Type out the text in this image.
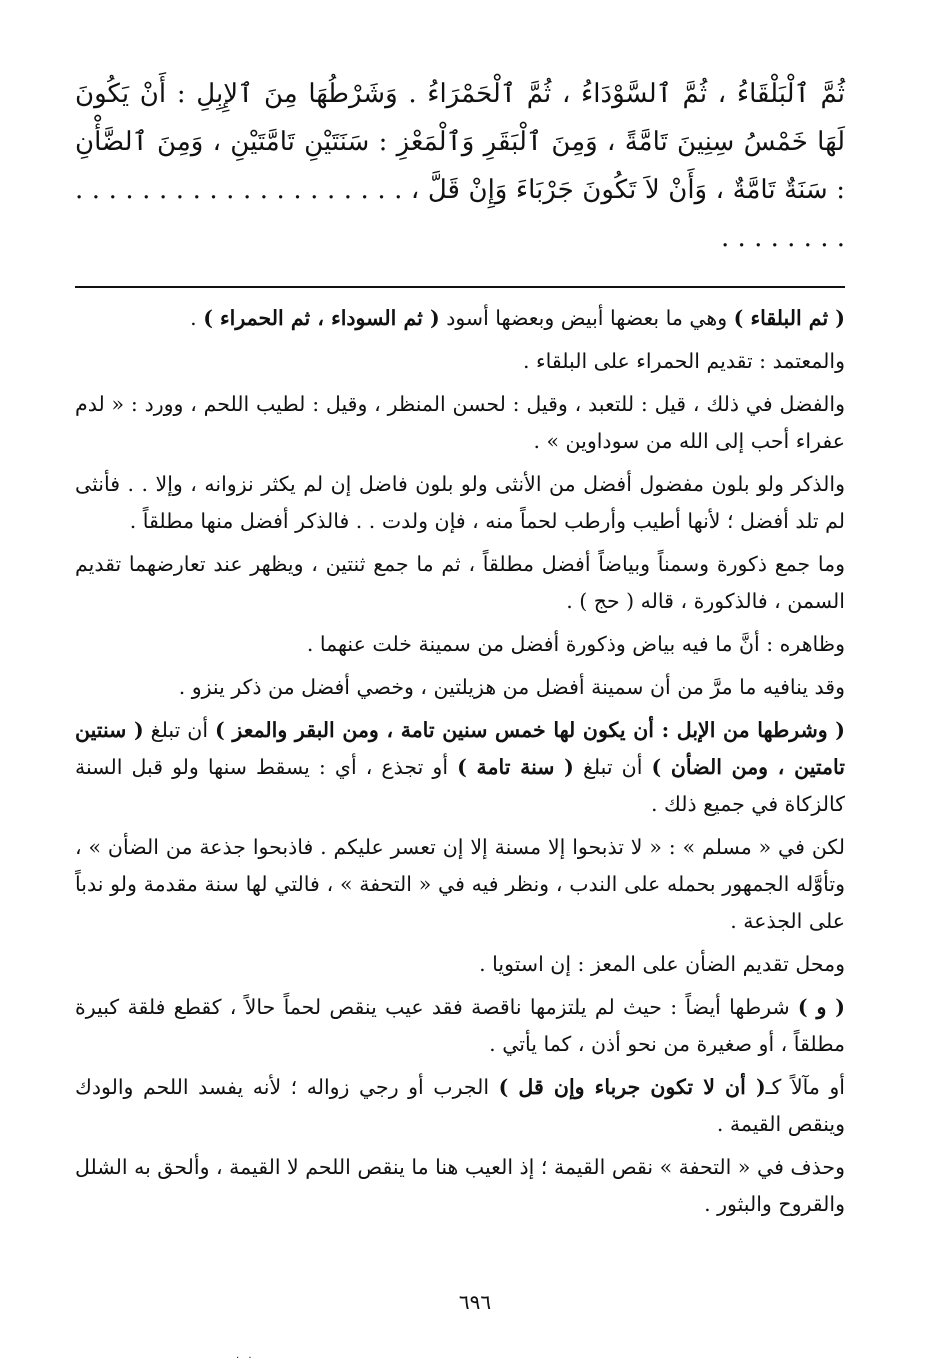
ثُمَّ ٱلْبَلْقَاءُ ، ثُمَّ ٱلسَّوْدَاءُ ، ثُمَّ ٱلْحَمْرَاءُ . وَشَرْطُهَا مِنَ ٱلإِبِلِ : أَنْ يَكُونَ لَهَا خَمْسُ سِنِينَ تَامَّةً ، وَمِنَ ٱلْبَقَرِ وَٱلْمَعْزِ : سَنَتَيْنِ تَامَّتَيْنِ ، وَمِنَ ٱلضَّأْنِ : سَنَةٌ تَامَّةٌ ، وَأَنْ لاَ تَكُونَ جَرْبَاءَ وَإِنْ قَلَّ ، . . . . . . . . . . . . . . . . . . . . . . . . . . . .

( ثم البلقاء ) وهي ما بعضها أبيض وبعضها أسود ( ثم السوداء ، ثم الحمراء ) .

والمعتمد : تقديم الحمراء على البلقاء .

والفضل في ذلك ، قيل : للتعبد ، وقيل : لحسن المنظر ، وقيل : لطيب اللحم ، وورد : « لدم عفراء أحب إلى الله من سوداوين » .

والذكر ولو بلون مفضول أفضل من الأنثى ولو بلون فاضل إن لم يكثر نزوانه ، وإلا . . فأنثى لم تلد أفضل ؛ لأنها أطيب وأرطب لحماً منه ، فإن ولدت . . فالذكر أفضل منها مطلقاً .

وما جمع ذكورة وسمناً وبياضاً أفضل مطلقاً ، ثم ما جمع ثنتين ، ويظهر عند تعارضهما تقديم السمن ، فالذكورة ، قاله ( حج ) .

وظاهره : أنَّ ما فيه بياض وذكورة أفضل من سمينة خلت عنهما .

وقد ينافيه ما مرَّ من أن سمينة أفضل من هزيلتين ، وخصي أفضل من ذكر ينزو .

( وشرطها من الإبل : أن يكون لها خمس سنين تامة ، ومن البقر والمعز ) أن تبلغ ( سنتين تامتين ، ومن الضأن ) أن تبلغ ( سنة تامة ) أو تجذع ، أي : يسقط سنها ولو قبل السنة كالزكاة في جميع ذلك .

لكن في « مسلم » : « لا تذبحوا إلا مسنة إلا إن تعسر عليكم . فاذبحوا جذعة من الضأن » ، وتأوَّله الجمهور بحمله على الندب ، ونظر فيه في « التحفة » ، فالتي لها سنة مقدمة ولو ندباً على الجذعة .

ومحل تقديم الضأن على المعز : إن استويا .

( و ) شرطها أيضاً : حيث لم يلتزمها ناقصة فقد عيب ينقص لحماً حالاً ، كقطع فلقة كبيرة مطلقاً ، أو صغيرة من نحو أذن ، كما يأتي .

أو مآلاً كـ( أن لا تكون جرباء وإن قل ) الجرب أو رجي زواله ؛ لأنه يفسد اللحم والودك وينقص القيمة .

وحذف في « التحفة » نقص القيمة ؛ إذ العيب هنا ما ينقص اللحم لا القيمة ، وألحق به الشلل والقروح والبثور .

٦٩٦
. .
